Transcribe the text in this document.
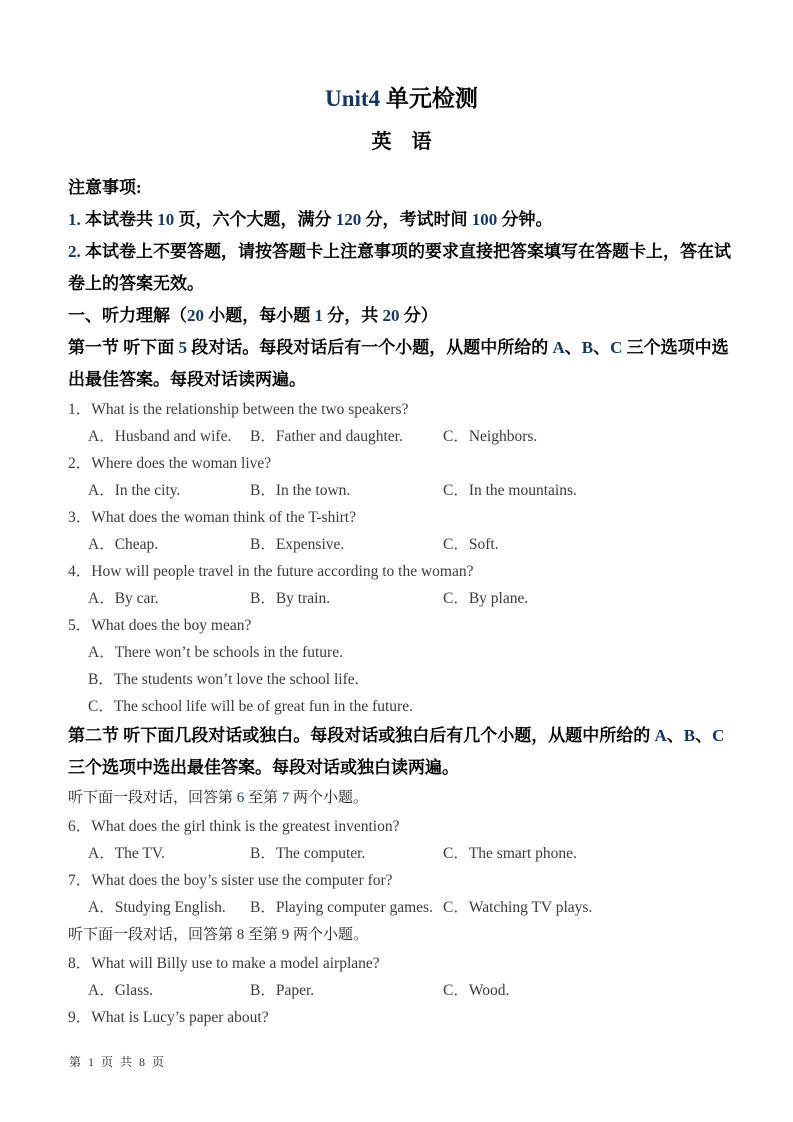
Unit4 单元检测
英　语
注意事项:
1. 本试卷共 10 页，六个大题，满分 120 分，考试时间 100 分钟。
2. 本试卷上不要答题，请按答题卡上注意事项的要求直接把答案填写在答题卡上，答在试卷上的答案无效。
一、听力理解（20 小题，每小题 1 分，共 20 分）
第一节 听下面 5 段对话。每段对话后有一个小题，从题中所给的 A、B、C 三个选项中选出最佳答案。每段对话读两遍。
1．What is the relationship between the two speakers?
A．Husband and wife.	B．Father and daughter.	C．Neighbors.
2．Where does the woman live?
A．In the city.	B．In the town.	C．In the mountains.
3．What does the woman think of the T-shirt?
A．Cheap.	B．Expensive.	C．Soft.
4．How will people travel in the future according to the woman?
A．By car.	B．By train.	C．By plane.
5．What does the boy mean?
A．There won’t be schools in the future.
B．The students won’t love the school life.
C．The school life will be of great fun in the future.
第二节 听下面几段对话或独白。每段对话或独白后有几个小题，从题中所给的 A、B、C 三个选项中选出最佳答案。每段对话或独白读两遍。
听下面一段对话，回答第 6 至第 7 两个小题。
6．What does the girl think is the greatest invention?
A．The TV.	B．The computer.	C．The smart phone.
7．What does the boy’s sister use the computer for?
A．Studying English.	B．Playing computer games. C．Watching TV plays.
听下面一段对话，回答第 8 至第 9 两个小题。
8．What will Billy use to make a model airplane?
A．Glass.	B．Paper.	C．Wood.
9．What is Lucy’s paper about?
第 1 页 共 8 页
